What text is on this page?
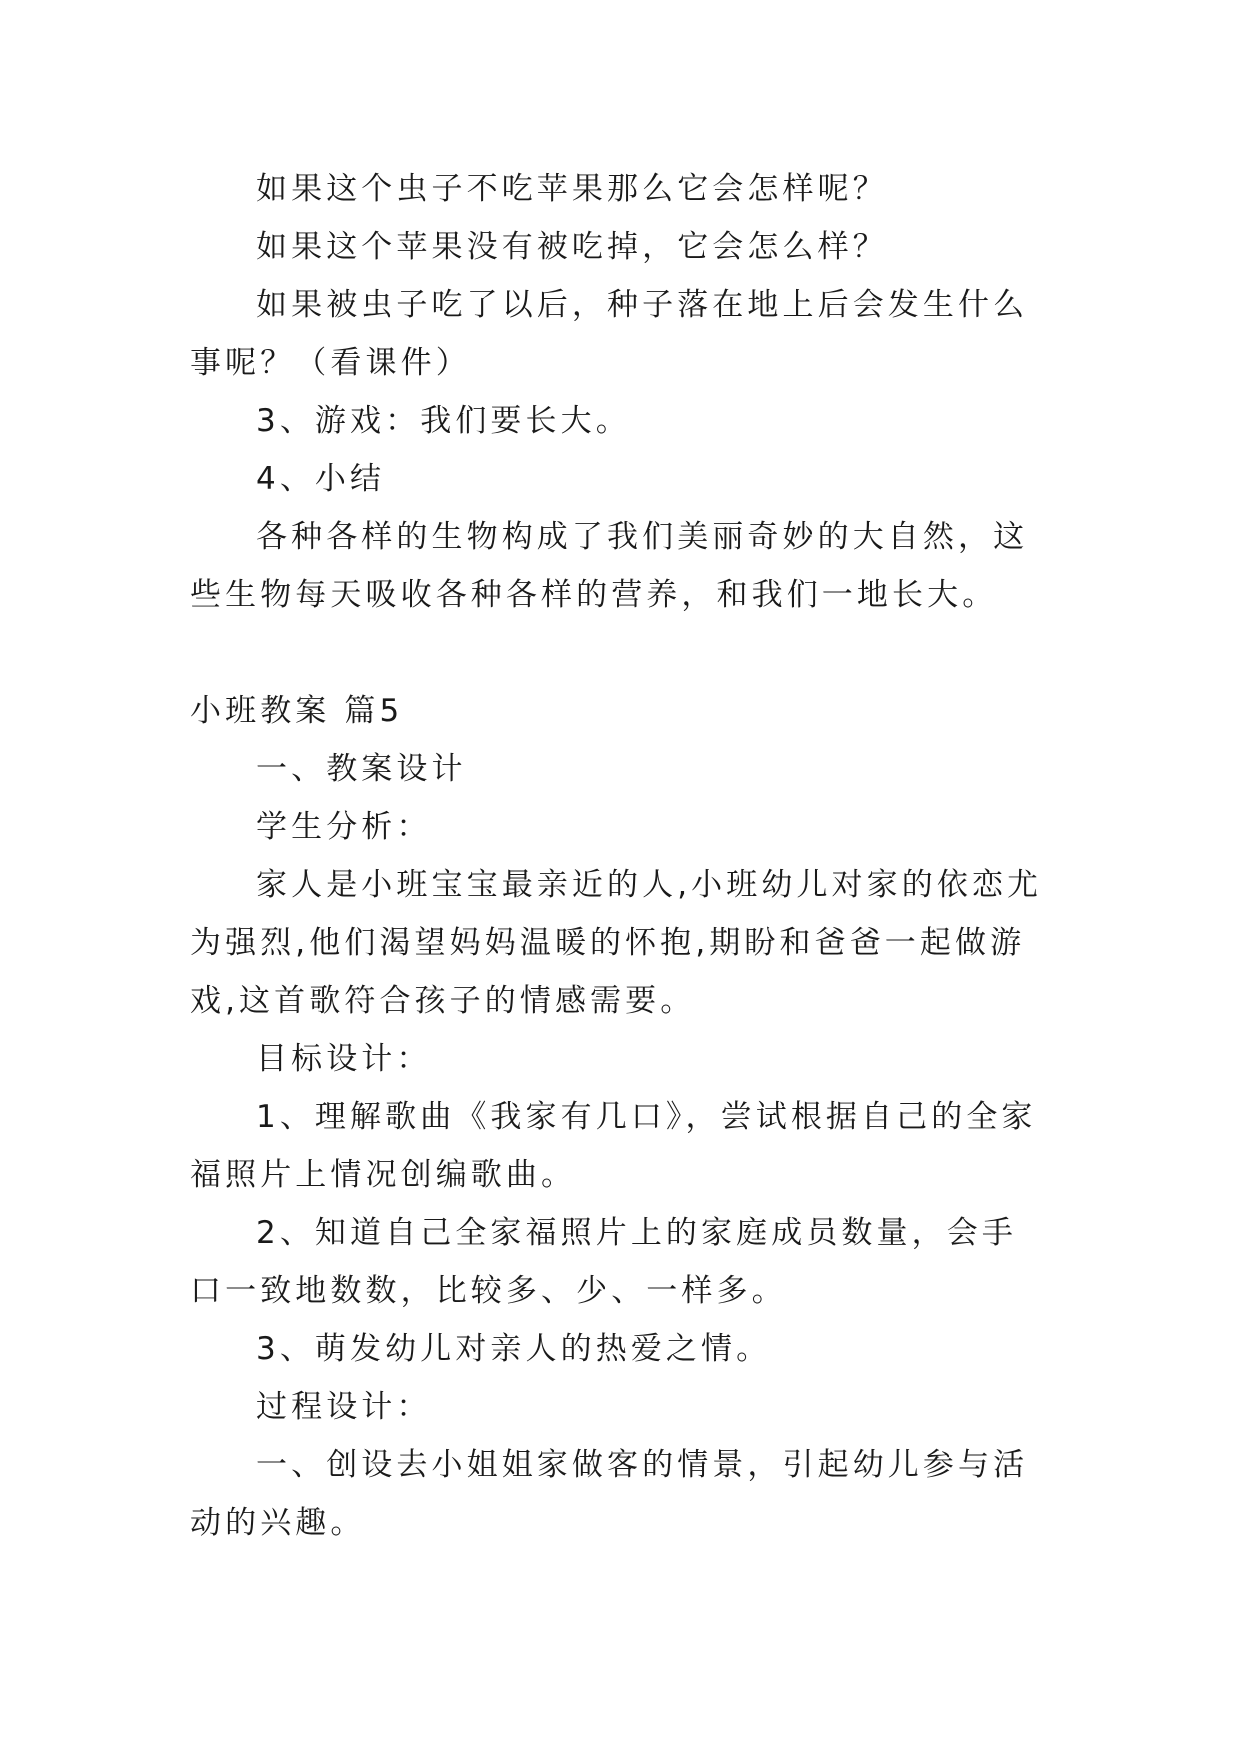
如果这个虫子不吃苹果那么它会怎样呢？

如果这个苹果没有被吃掉，它会怎么样？

如果被虫子吃了以后，种子落在地上后会发生什么事呢？（看课件）

3、游戏：我们要长大。

4、小结

各种各样的生物构成了我们美丽奇妙的大自然，这些生物每天吸收各种各样的营养，和我们一地长大。

小班教案 篇5

一、教案设计

学生分析：

家人是小班宝宝最亲近的人,小班幼儿对家的依恋尤为强烈,他们渴望妈妈温暖的怀抱,期盼和爸爸一起做游戏,这首歌符合孩子的情感需要。

目标设计：

1、理解歌曲《我家有几口》，尝试根据自己的全家福照片上情况创编歌曲。

2、知道自己全家福照片上的家庭成员数量，会手口一致地数数，比较多、少、一样多。

3、萌发幼儿对亲人的热爱之情。

过程设计：

一、创设去小姐姐家做客的情景，引起幼儿参与活动的兴趣。
